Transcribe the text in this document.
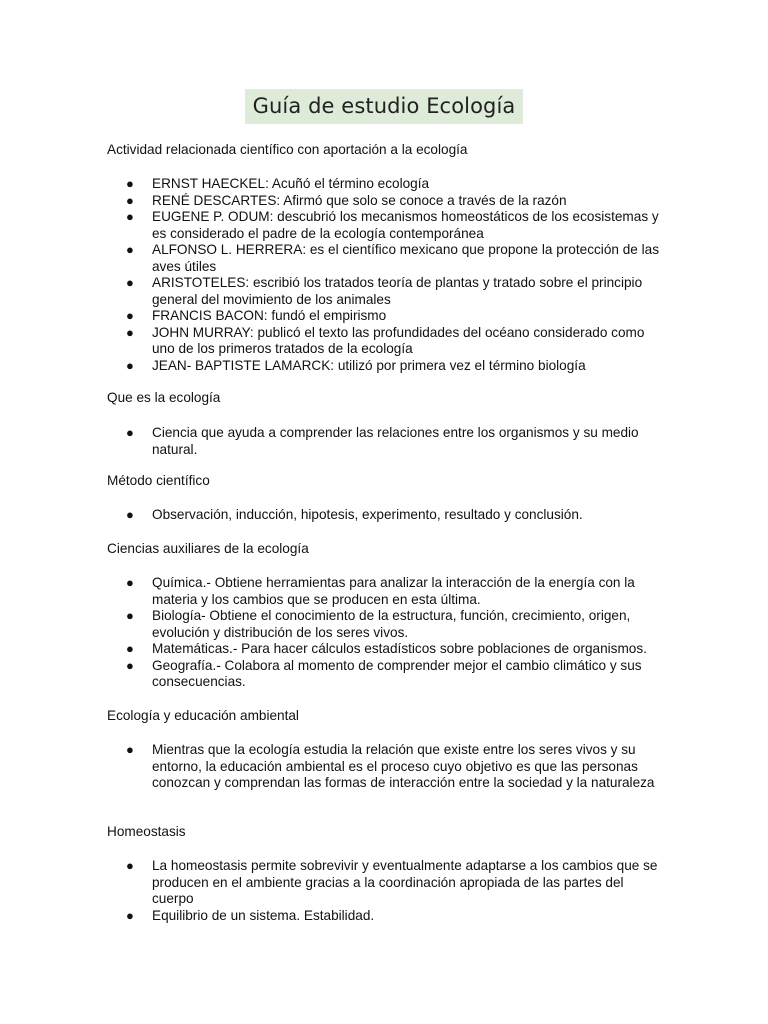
Guía de estudio Ecología
Actividad relacionada científico con aportación a la ecología
●	ERNST HAECKEL: Acuñó el término ecología
●	RENÉ DESCARTES: Afirmó que solo se conoce a través de la razón
●	EUGENE P. ODUM: descubrió los mecanismos homeostáticos de los ecosistemas y es considerado el padre de la ecología contemporánea
●	ALFONSO L. HERRERA: es el científico mexicano que propone la protección de las aves útiles
●	ARISTOTELES: escribió los tratados teoría de plantas y tratado sobre el principio general del movimiento de los animales
●	FRANCIS BACON: fundó el empirismo
●	JOHN MURRAY: publicó el texto las profundidades del océano considerado como uno de los primeros tratados de la ecología
●	JEAN- BAPTISTE LAMARCK: utilizó por primera vez el término biología
Que es la ecología
●	Ciencia que ayuda a comprender las relaciones entre los organismos y su medio natural.
Método científico
●	Observación, inducción, hipotesis, experimento, resultado y conclusión.
Ciencias auxiliares de la ecología
●	Química.- Obtiene herramientas para analizar la interacción de la energía con la materia y los cambios que se producen en esta última.
●	Biología- Obtiene el conocimiento de la estructura, función, crecimiento, origen, evolución y distribución de los seres vivos.
●	Matemáticas.- Para hacer cálculos estadísticos sobre poblaciones de organismos.
●	Geografía.- Colabora al momento de comprender mejor el cambio climático y sus consecuencias.
Ecología y educación ambiental
●	Mientras que la ecología estudia la relación que existe entre los seres vivos y su entorno, la educación ambiental es el proceso cuyo objetivo es que las personas conozcan y comprendan las formas de interacción entre la sociedad y la naturaleza
Homeostasis
●	La homeostasis permite sobrevivir y eventualmente adaptarse a los cambios que se producen en el ambiente gracias a la coordinación apropiada de las partes del cuerpo
●	Equilibrio de un sistema. Estabilidad.
